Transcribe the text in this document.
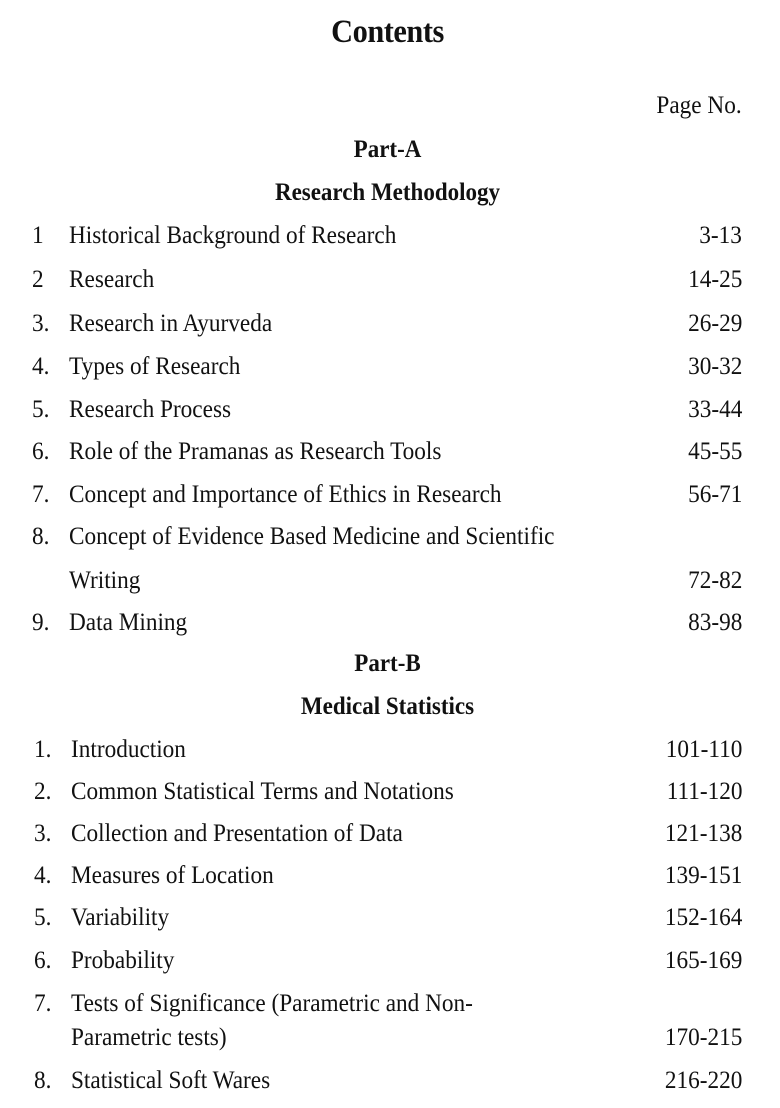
Contents
Page No.
Part-A
Research Methodology
1 Historical Background of Research	3-13
2 Research	14-25
3. Research in Ayurveda	26-29
4. Types of Research	30-32
5. Research Process	33-44
6. Role of the Pramanas as Research Tools	45-55
7. Concept and Importance of Ethics in Research	56-71
8. Concept of Evidence Based Medicine and Scientific
Writing	72-82
9. Data Mining	83-98
Part-B
Medical Statistics
1. Introduction	101-110
2. Common Statistical Terms and Notations	111-120
3. Collection and Presentation of Data	121-138
4. Measures of Location	139-151
5. Variability	152-164
6. Probability	165-169
7. Tests of Significance (Parametric and Non-
Parametric tests)	170-215
8. Statistical Soft Wares	216-220
